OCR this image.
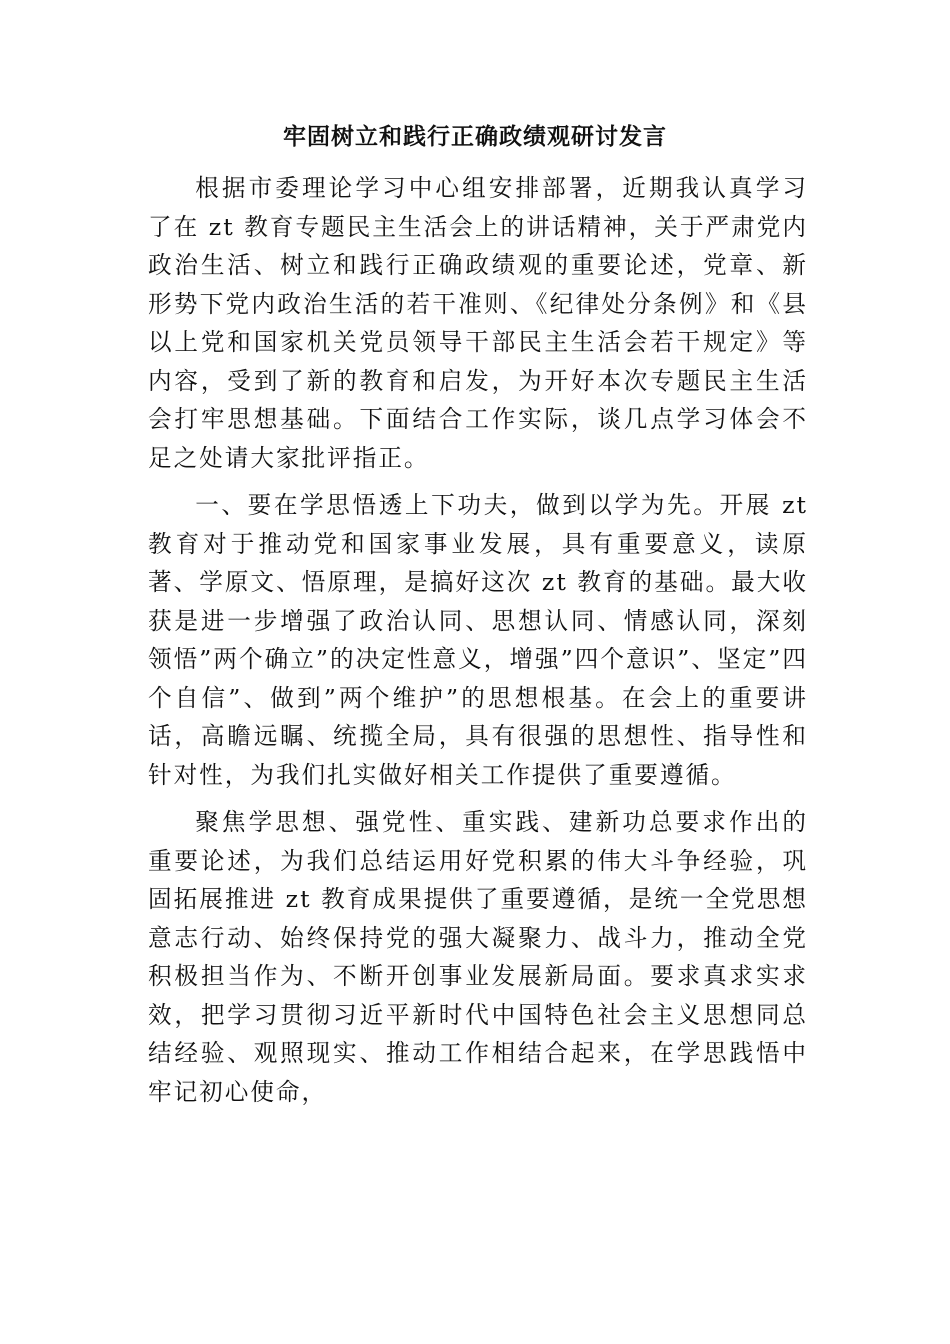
牢固树立和践行正确政绩观研讨发言

根据市委理论学习中心组安排部署，近期我认真学习了在 zt 教育专题民主生活会上的讲话精神，关于严肃党内政治生活、树立和践行正确政绩观的重要论述，党章、新形势下党内政治生活的若干准则、《纪律处分条例》和《县以上党和国家机关党员领导干部民主生活会若干规定》等内容，受到了新的教育和启发，为开好本次专题民主生活会打牢思想基础。下面结合工作实际，谈几点学习体会不足之处请大家批评指正。

一、要在学思悟透上下功夫，做到以学为先。开展 zt 教育对于推动党和国家事业发展，具有重要意义，读原著、学原文、悟原理，是搞好这次 zt 教育的基础。最大收获是进一步增强了政治认同、思想认同、情感认同，深刻领悟”两个确立”的决定性意义，增强”四个意识”、坚定”四个自信”、做到”两个维护”的思想根基。在会上的重要讲话，高瞻远瞩、统揽全局，具有很强的思想性、指导性和针对性，为我们扎实做好相关工作提供了重要遵循。

聚焦学思想、强党性、重实践、建新功总要求作出的重要论述，为我们总结运用好党积累的伟大斗争经验，巩固拓展推进 zt 教育成果提供了重要遵循，是统一全党思想意志行动、始终保持党的强大凝聚力、战斗力，推动全党积极担当作为、不断开创事业发展新局面。要求真求实求效，把学习贯彻习近平新时代中国特色社会主义思想同总结经验、观照现实、推动工作相结合起来，在学思践悟中牢记初心使命，
